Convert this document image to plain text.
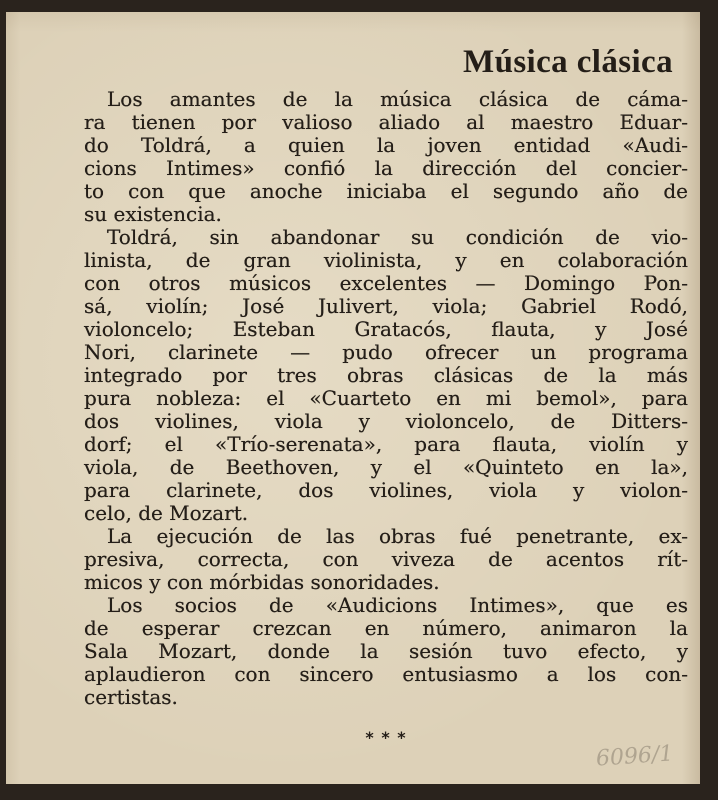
Música clásica
Los amantes de la música clásica de cáma-
ra tienen por valioso aliado al maestro Eduar-
do Toldrá, a quien la joven entidad «Audi-
cions Intimes» confió la dirección del concier-
to con que anoche iniciaba el segundo año de
su existencia.
Toldrá, sin abandonar su condición de vio-
linista, de gran violinista, y en colaboración
con otros músicos excelentes — Domingo Pon-
sá, violín; José Julivert, viola; Gabriel Rodó,
violoncelo; Esteban Gratacós, flauta, y José
Nori, clarinete — pudo ofrecer un programa
integrado por tres obras clásicas de la más
pura nobleza: el «Cuarteto en mi bemol», para
dos violines, viola y violoncelo, de Ditters-
dorf; el «Trío-serenata», para flauta, violín y
viola, de Beethoven, y el «Quinteto en la»,
para clarinete, dos violines, viola y violon-
celo, de Mozart.
La ejecución de las obras fué penetrante, ex-
presiva, correcta, con viveza de acentos rít-
micos y con mórbidas sonoridades.
Los socios de «Audicions Intimes», que es
de esperar crezcan en número, animaron la
Sala Mozart, donde la sesión tuvo efecto, y
aplaudieron con sincero entusiasmo a los con-
certistas.
* * *
6096/1
